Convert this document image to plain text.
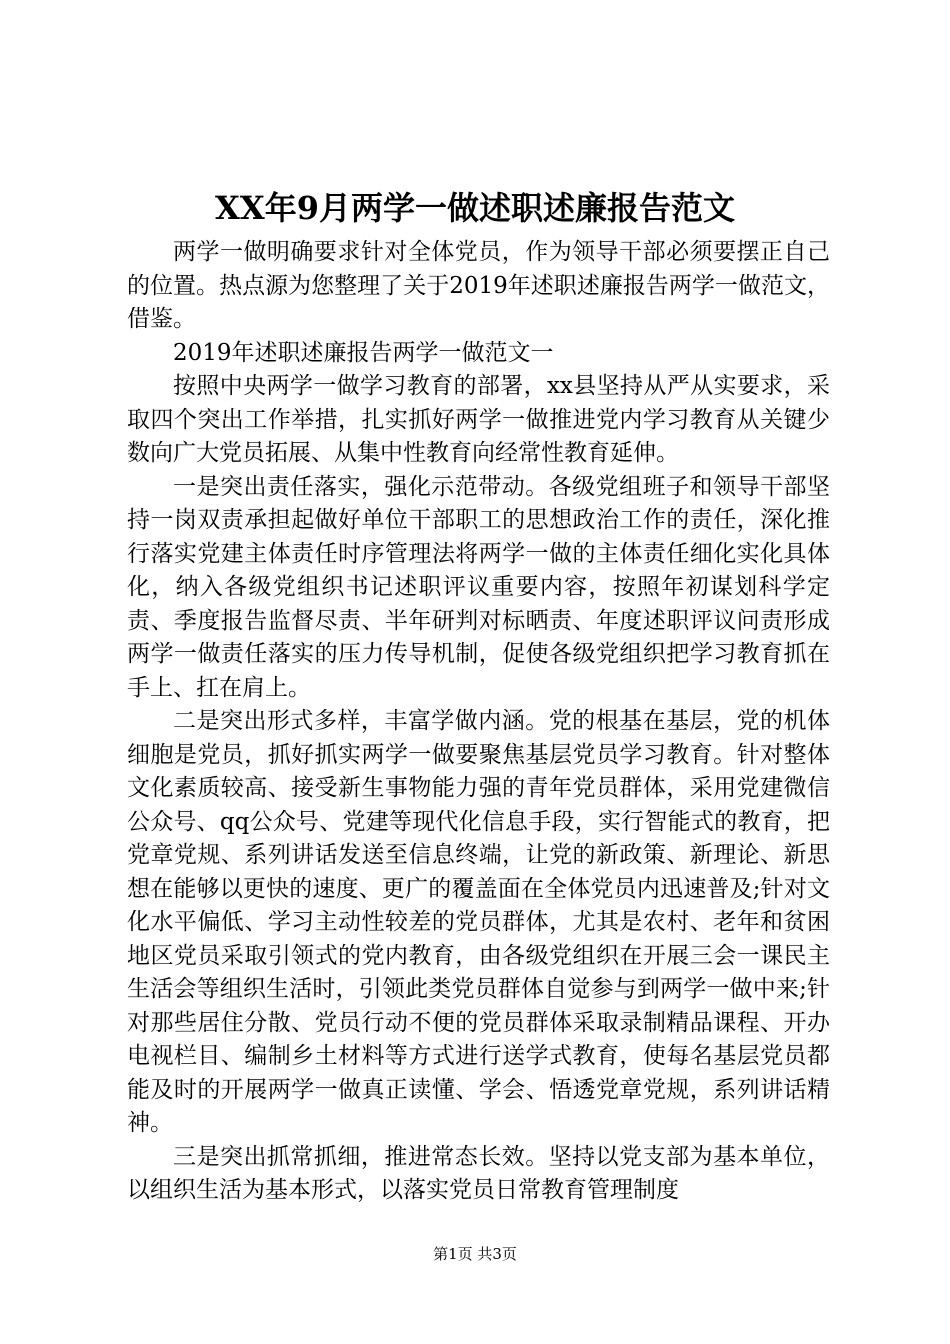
XX年9月两学一做述职述廉报告范文

两学一做明确要求针对全体党员，作为领导干部必须要摆正自己的位置。热点源为您整理了关于2019年述职述廉报告两学一做范文，借鉴。

2019年述职述廉报告两学一做范文一

按照中央两学一做学习教育的部署，xx县坚持从严从实要求，采取四个突出工作举措，扎实抓好两学一做推进党内学习教育从关键少数向广大党员拓展、从集中性教育向经常性教育延伸。

一是突出责任落实，强化示范带动。各级党组班子和领导干部坚持一岗双责承担起做好单位干部职工的思想政治工作的责任，深化推行落实党建主体责任时序管理法将两学一做的主体责任细化实化具体化，纳入各级党组织书记述职评议重要内容，按照年初谋划科学定责、季度报告监督尽责、半年研判对标晒责、年度述职评议问责形成两学一做责任落实的压力传导机制，促使各级党组织把学习教育抓在手上、扛在肩上。

二是突出形式多样，丰富学做内涵。党的根基在基层，党的机体细胞是党员，抓好抓实两学一做要聚焦基层党员学习教育。针对整体文化素质较高、接受新生事物能力强的青年党员群体，采用党建微信公众号、qq公众号、党建等现代化信息手段，实行智能式的教育，把党章党规、系列讲话发送至信息终端，让党的新政策、新理论、新思想在能够以更快的速度、更广的覆盖面在全体党员内迅速普及;针对文化水平偏低、学习主动性较差的党员群体，尤其是农村、老年和贫困地区党员采取引领式的党内教育，由各级党组织在开展三会一课民主生活会等组织生活时，引领此类党员群体自觉参与到两学一做中来;针对那些居住分散、党员行动不便的党员群体采取录制精品课程、开办电视栏目、编制乡土材料等方式进行送学式教育，使每名基层党员都能及时的开展两学一做真正读懂、学会、悟透党章党规，系列讲话精神。

三是突出抓常抓细，推进常态长效。坚持以党支部为基本单位，以组织生活为基本形式，以落实党员日常教育管理制度

第1页 共3页
